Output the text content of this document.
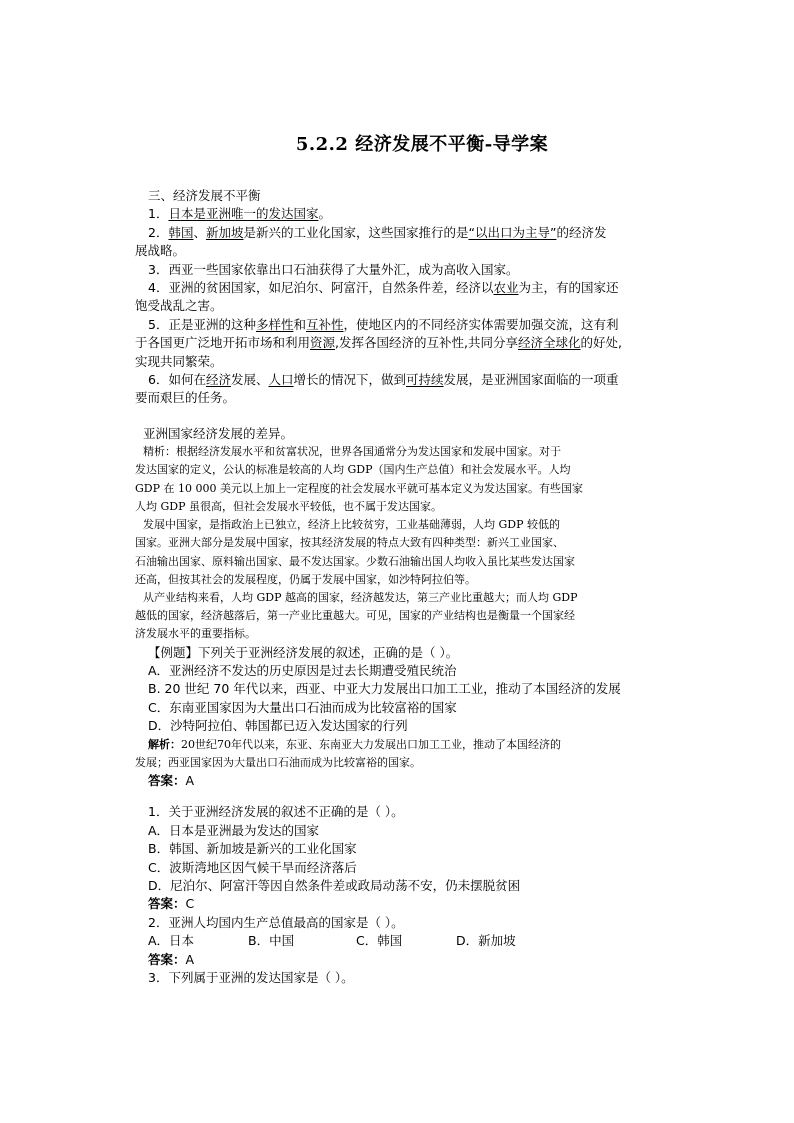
5.2.2 经济发展不平衡-导学案
三、经济发展不平衡
1．日本是亚洲唯一的发达国家。
2．韩国、新加坡是新兴的工业化国家，这些国家推行的是“以出口为主导”的经济发
展战略。
3．西亚一些国家依靠出口石油获得了大量外汇，成为高收入国家。
4．亚洲的贫困国家，如尼泊尔、阿富汗，自然条件差，经济以农业为主，有的国家还
饱受战乱之害。
5．正是亚洲的这种多样性和互补性，使地区内的不同经济实体需要加强交流，这有利
于各国更广泛地开拓市场和利用资源,发挥各国经济的互补性,共同分享经济全球化的好处,
实现共同繁荣。
6．如何在经济发展、人口增长的情况下，做到可持续发展，是亚洲国家面临的一项重
要而艰巨的任务。
亚洲国家经济发展的差异。
精析：根据经济发展水平和贫富状况，世界各国通常分为发达国家和发展中国家。对于
发达国家的定义，公认的标准是较高的人均 GDP（国内生产总值）和社会发展水平。人均
GDP 在 10 000 美元以上加上一定程度的社会发展水平就可基本定义为发达国家。有些国家
人均 GDP 虽很高，但社会发展水平较低，也不属于发达国家。
发展中国家，是指政治上已独立，经济上比较贫穷，工业基础薄弱，人均 GDP 较低的
国家。亚洲大部分是发展中国家，按其经济发展的特点大致有四种类型：新兴工业国家、
石油输出国家、原料输出国家、最不发达国家。少数石油输出国人均收入虽比某些发达国家
还高，但按其社会的发展程度，仍属于发展中国家，如沙特阿拉伯等。
从产业结构来看，人均 GDP 越高的国家，经济越发达，第三产业比重越大；而人均 GDP
越低的国家，经济越落后，第一产业比重越大。可见，国家的产业结构也是衡量一个国家经
济发展水平的重要指标。
【例题】下列关于亚洲经济发展的叙述，正确的是（ ）。
A．亚洲经济不发达的历史原因是过去长期遭受殖民统治
B. 20 世纪 70 年代以来，西亚、中亚大力发展出口加工工业，推动了本国经济的发展
C．东南亚国家因为大量出口石油而成为比较富裕的国家
D．沙特阿拉伯、韩国都已迈入发达国家的行列
解析：20世纪70年代以来，东亚、东南亚大力发展出口加工工业，推动了本国经济的
发展；西亚国家因为大量出口石油而成为比较富裕的国家。
答案：A
1．关于亚洲经济发展的叙述不正确的是（ ）。
A．日本是亚洲最为发达的国家
B．韩国、新加坡是新兴的工业化国家
C．波斯湾地区因气候干旱而经济落后
D．尼泊尔、阿富汗等因自然条件差或政局动荡不安，仍未摆脱贫困
答案：C
2．亚洲人均国内生产总值最高的国家是（ ）。
A．日本	B．中国	C．韩国	D．新加坡
答案：A
3．下列属于亚洲的发达国家是（ ）。
